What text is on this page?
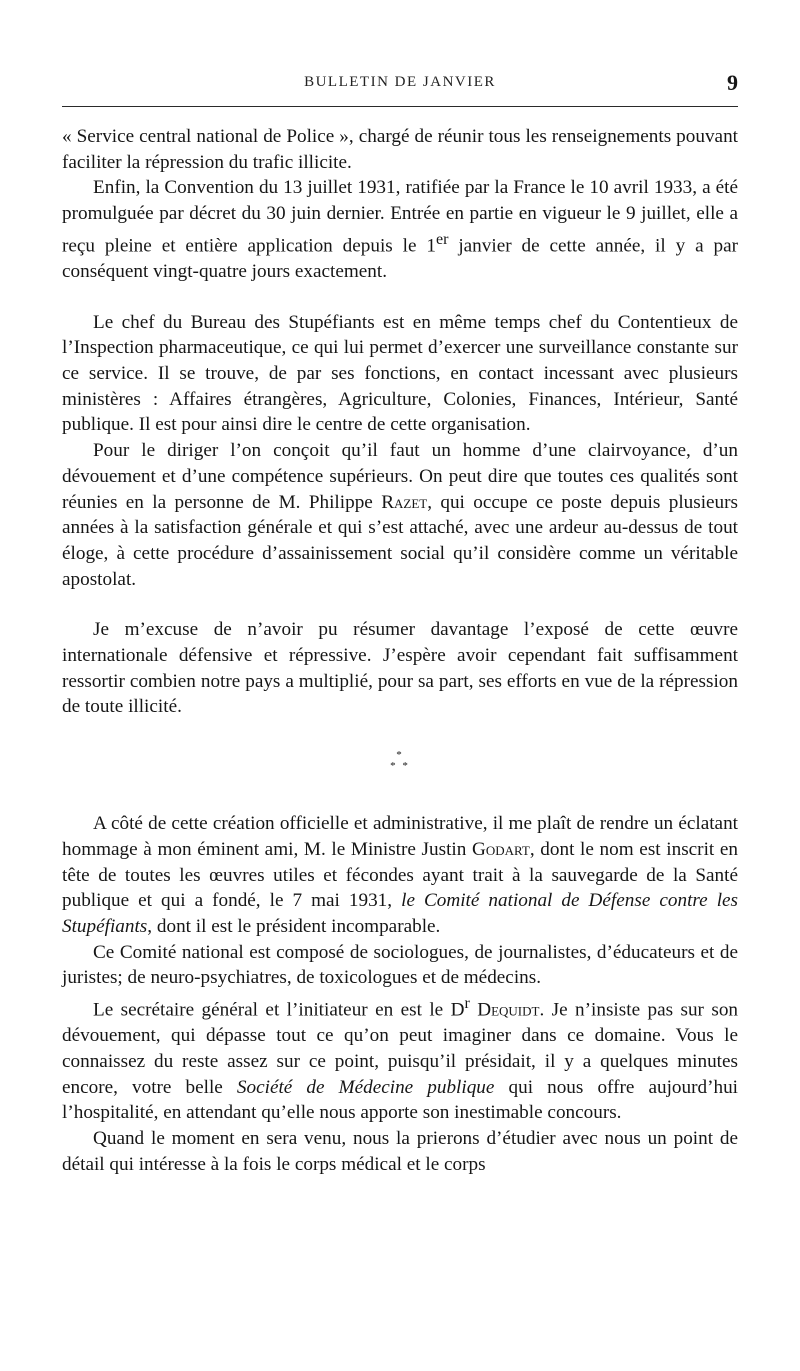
BULLETIN DE JANVIER	9

« Service central national de Police », chargé de réunir tous les renseignements pouvant faciliter la répression du trafic illicite.

Enfin, la Convention du 13 juillet 1931, ratifiée par la France le 10 avril 1933, a été promulguée par décret du 30 juin dernier. Entrée en partie en vigueur le 9 juillet, elle a reçu pleine et entière application depuis le 1er janvier de cette année, il y a par conséquent vingt-quatre jours exactement.

Le chef du Bureau des Stupéfiants est en même temps chef du Contentieux de l’Inspection pharmaceutique, ce qui lui permet d’exercer une surveillance constante sur ce service. Il se trouve, de par ses fonctions, en contact incessant avec plusieurs ministères : Affaires étrangères, Agriculture, Colonies, Finances, Intérieur, Santé publique. Il est pour ainsi dire le centre de cette organisation.

Pour le diriger l’on conçoit qu’il faut un homme d’une clairvoyance, d’un dévouement et d’une compétence supérieurs. On peut dire que toutes ces qualités sont réunies en la personne de M. Philippe Razet, qui occupe ce poste depuis plusieurs années à la satisfaction générale et qui s’est attaché, avec une ardeur au-dessus de tout éloge, à cette procédure d’assainissement social qu’il considère comme un véritable apostolat.

Je m’excuse de n’avoir pu résumer davantage l’exposé de cette œuvre internationale défensive et répressive. J’espère avoir cependant fait suffisamment ressortir combien notre pays a multiplié, pour sa part, ses efforts en vue de la répression de toute illicité.

*
* *

A côté de cette création officielle et administrative, il me plaît de rendre un éclatant hommage à mon éminent ami, M. le Ministre Justin Godart, dont le nom est inscrit en tête de toutes les œuvres utiles et fécondes ayant trait à la sauvegarde de la Santé publique et qui a fondé, le 7 mai 1931, le Comité national de Défense contre les Stupéfiants, dont il est le président incomparable.

Ce Comité national est composé de sociologues, de journalistes, d’éducateurs et de juristes; de neuro-psychiatres, de toxicologues et de médecins.

Le secrétaire général et l’initiateur en est le $D^r$ Dequidt. Je n’insiste pas sur son dévouement, qui dépasse tout ce qu’on peut imaginer dans ce domaine. Vous le connaissez du reste assez sur ce point, puisqu’il présidait, il y a quelques minutes encore, votre belle Société de Médecine publique qui nous offre aujourd’hui l’hospitalité, en attendant qu’elle nous apporte son inestimable concours.

Quand le moment en sera venu, nous la prierons d’étudier avec nous un point de détail qui intéresse à la fois le corps médical et le corps
